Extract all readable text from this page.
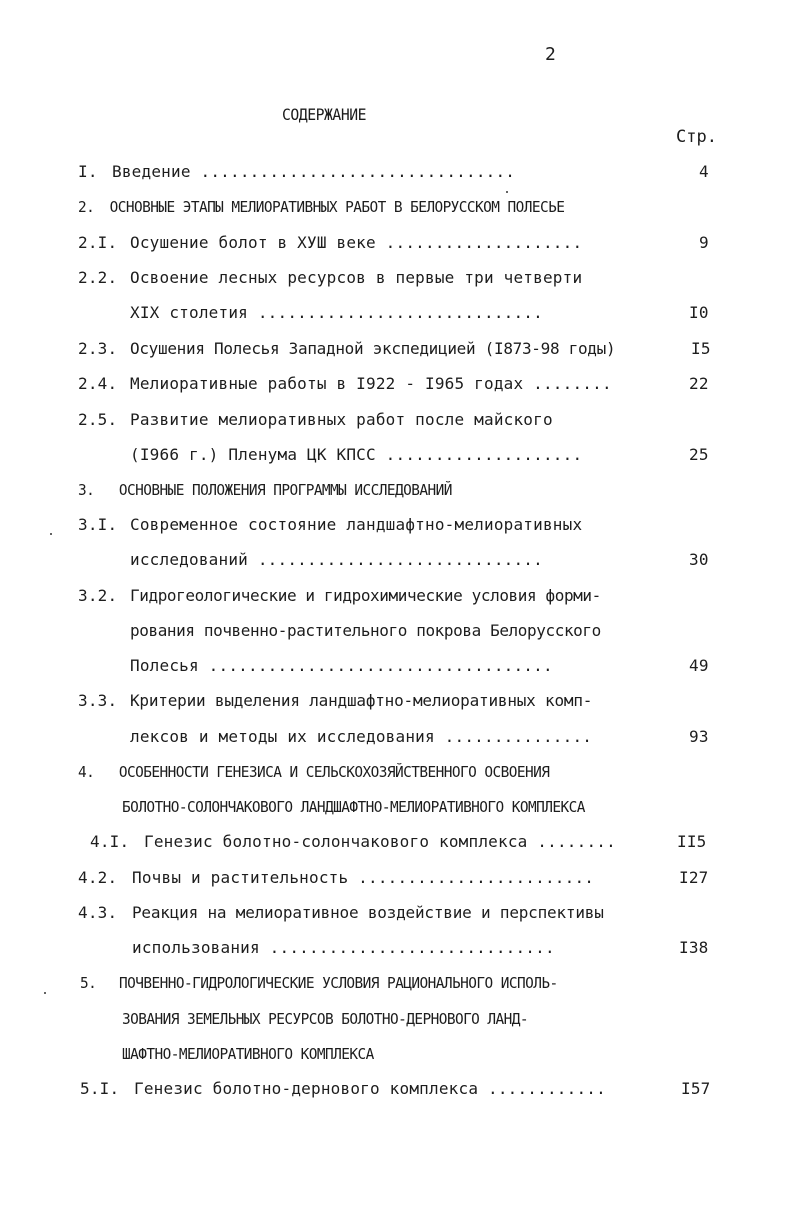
2
СОДЕРЖАНИЕ
Стр.
I. Введение ................................	4
2. ОСНОВНЫЕ ЭТАПЫ МЕЛИОРАТИВНЫХ РАБОТ В БЕЛОРУССКОМ ПОЛЕСЬЕ
2.I. Осушение болот в ХУШ веке ....................	9
2.2. Освоение лесных ресурсов в первые три четверти
XIX столетия .............................	I0
2.3. Осушения Полесья Западной экспедицией (I873-98 годы)	I5
2.4. Мелиоративные работы в I922 - I965 годах ........	22
2.5. Развитие мелиоративных работ после майского
(I966 г.) Пленума ЦК КПСС ....................	25
3. ОСНОВНЫЕ ПОЛОЖЕНИЯ ПРОГРАММЫ ИССЛЕДОВАНИЙ
3.I. Современное состояние ландшафтно-мелиоративных
исследований .............................	30
3.2. Гидрогеологические и гидрохимические условия форми-
рования почвенно-растительного покрова Белорусского
Полесья ...................................	49
3.3. Критерии выделения ландшафтно-мелиоративных комп-
лексов и методы их исследования ...............	93
4. ОСОБЕННОСТИ ГЕНЕЗИСА И СЕЛЬСКОХОЗЯЙСТВЕННОГО ОСВОЕНИЯ
БОЛОТНО-СОЛОНЧАКОВОГО ЛАНДШАФТНО-МЕЛИОРАТИВНОГО КОМПЛЕКСА
4.I. Генезис болотно-солончакового комплекса ........	II5
4.2. Почвы и растительность ........................	I27
4.3. Реакция на мелиоративное воздействие и перспективы
использования .............................	I38
5. ПОЧВЕННО-ГИДРОЛОГИЧЕСКИЕ УСЛОВИЯ РАЦИОНАЛЬНОГО ИСПОЛЬ-
ЗОВАНИЯ ЗЕМЕЛЬНЫХ РЕСУРСОВ БОЛОТНО-ДЕРНОВОГО ЛАНД-
ШАФТНО-МЕЛИОРАТИВНОГО КОМПЛЕКСА
5.I. Генезис болотно-дернового комплекса ............	I57
